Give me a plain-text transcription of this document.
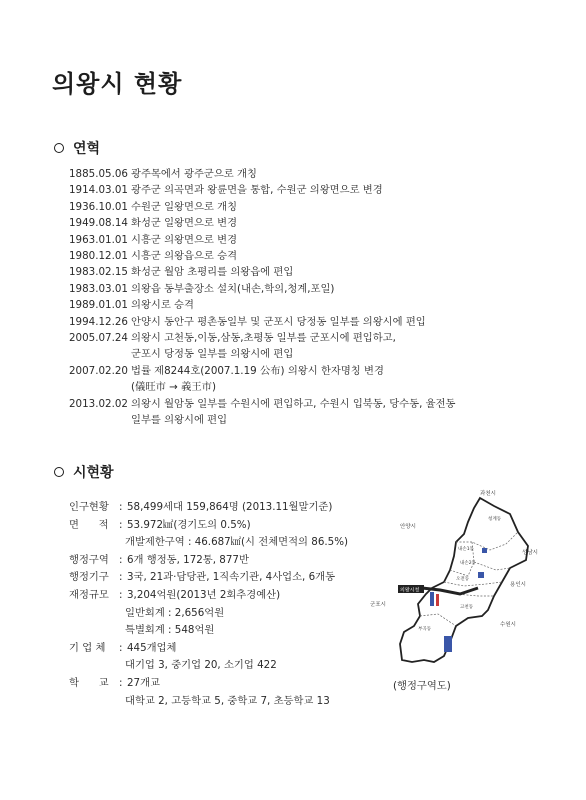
의왕시 현황
연혁
1885.05.06 광주목에서 광주군으로 개칭
1914.03.01 광주군 의곡면과 왕륜면을 통합, 수원군 의왕면으로 변경
1936.10.01 수원군 일왕면으로 개칭
1949.08.14 화성군 일왕면으로 변경
1963.01.01 시흥군 의왕면으로 변경
1980.12.01 시흥군 의왕읍으로 승격
1983.02.15 화성군 월암 초평리를 의왕읍에 편입
1983.03.01 의왕읍 동부출장소 설치(내손,학의,청계,포일)
1989.01.01 의왕시로 승격
1994.12.26 안양시 동안구 평촌동일부 및 군포시 당정동 일부를 의왕시에 편입
2005.07.24 의왕시 고천동,이동,삼동,초평동 일부를 군포시에 편입하고,
군포시 당정동 일부를 의왕시에 편입
2007.02.20 법률 제8244호(2007.1.19 公布) 의왕시 한자명칭 변경
(儀旺市 → 義王市)
2013.02.02 의왕시 월암동 일부를 수원시에 편입하고, 수원시 입북동, 당수동, 율전동
일부를 의왕시에 편입
시현황
인구현황 : 58,499세대 159,864명 (2013.11월말기준)
면      적	: 53.972㎢(경기도의 0.5%)
개발제한구역 : 46.687㎢(시 전체면적의 86.5%)
행정구역 : 6개 행정동, 172통, 877반
행정기구 : 3국, 21과·담당관, 1직속기관, 4사업소, 6개동
재정규모 : 3,204억원(2013년 2회추경예산)
일반회계 : 2,656억원
특별회계 : 548억원
기 업 체	: 445개업체
대기업 3, 중기업 20, 소기업 422
학      교	: 27개교
대학교 2, 고등학교 5, 중학교 7, 초등학교 13
의왕시청
과천시
성남시
용인시
수원시
군포시
안양시
청계동
내손1동
내손2동
오전동
고천동
부곡동
(행정구역도)
